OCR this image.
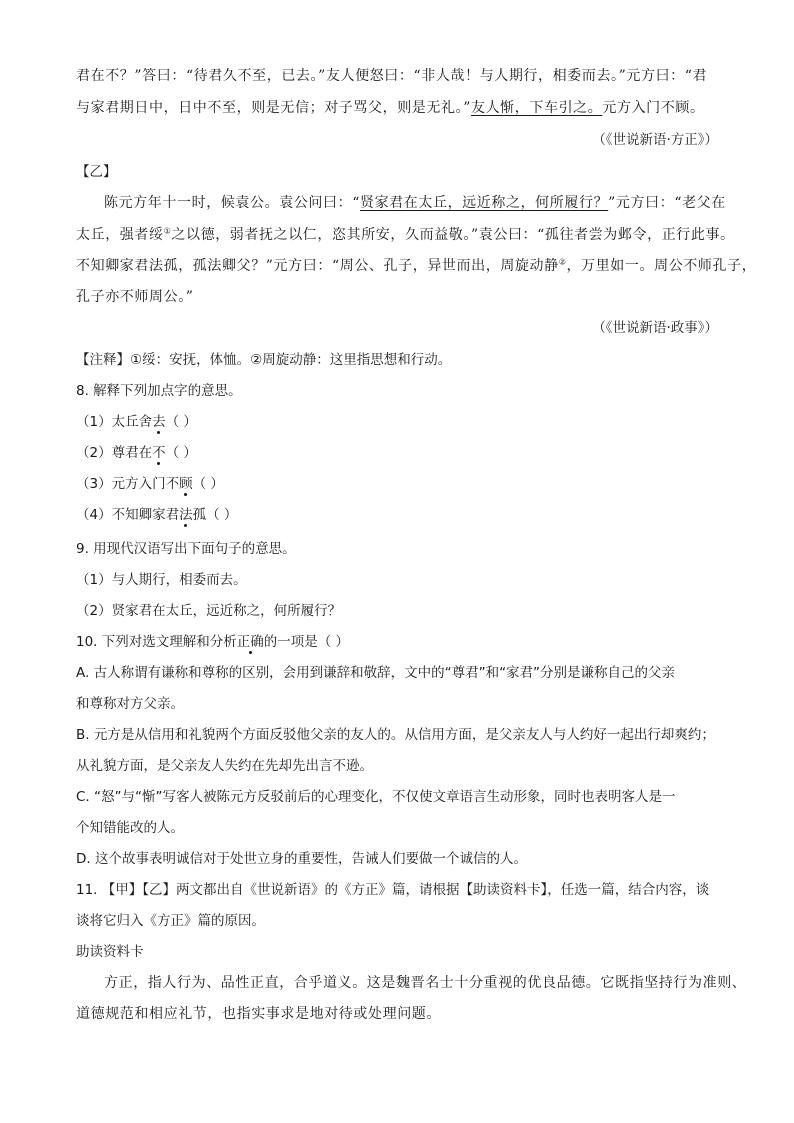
君在不？”答曰：“待君久不至，已去。”友人便怒曰：“非人哉！与人期行，相委而去。”元方曰：“君
与家君期日中，日中不至，则是无信；对子骂父，则是无礼。”友人惭，下车引之。元方入门不顾。
（《世说新语·方正》）
【乙】
陈元方年十一时，候袁公。袁公问曰：“贤家君在太丘，远近称之，何所履行？”元方曰：“老父在
太丘，强者绥①之以德，弱者抚之以仁，恣其所安，久而益敬。”袁公曰：“孤往者尝为邺令，正行此事。
不知卿家君法孤，孤法卿父？”元方曰：“周公、孔子，异世而出，周旋动静②，万里如一。周公不师孔子，
孔子亦不师周公。”
（《世说新语·政事》）
【注释】①绥：安抚，体恤。②周旋动静：这里指思想和行动。
8. 解释下列加点字的意思。
（1）太丘舍去（ ）
（2）尊君在不（ ）
（3）元方入门不顾（ ）
（4）不知卿家君法孤（ ）
9. 用现代汉语写出下面句子的意思。
（1）与人期行，相委而去。
（2）贤家君在太丘，远近称之，何所履行？
10. 下列对选文理解和分析正确的一项是（ ）
A. 古人称谓有谦称和尊称的区别，会用到谦辞和敬辞，文中的“尊君”和“家君”分别是谦称自己的父亲
和尊称对方父亲。
B. 元方是从信用和礼貌两个方面反驳他父亲的友人的。从信用方面，是父亲友人与人约好一起出行却爽约；
从礼貌方面，是父亲友人失约在先却先出言不逊。
C. “怒”与“惭”写客人被陈元方反驳前后的心理变化，不仅使文章语言生动形象，同时也表明客人是一
个知错能改的人。
D. 这个故事表明诚信对于处世立身的重要性，告诫人们要做一个诚信的人。
11. 【甲】【乙】两文都出自《世说新语》的《方正》篇，请根据【助读资料卡】，任选一篇，结合内容，谈
谈将它归入《方正》篇的原因。
助读资料卡
方正，指人行为、品性正直，合乎道义。这是魏晋名士十分重视的优良品德。它既指坚持行为准则、
道德规范和相应礼节，也指实事求是地对待或处理问题。
